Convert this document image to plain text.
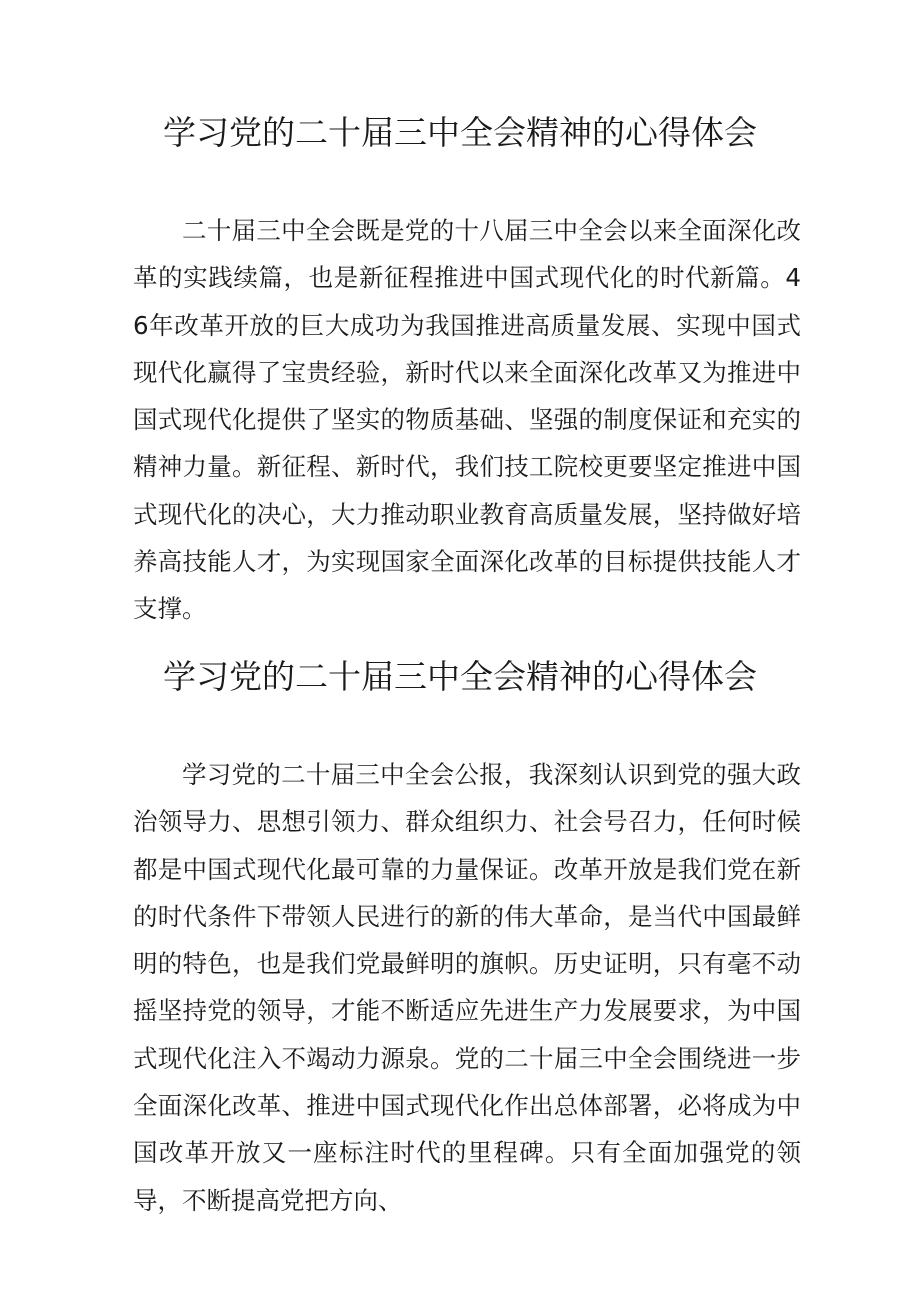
学习党的二十届三中全会精神的心得体会

二十届三中全会既是党的十八届三中全会以来全面深化改革的实践续篇，也是新征程推进中国式现代化的时代新篇。46年改革开放的巨大成功为我国推进高质量发展、实现中国式现代化赢得了宝贵经验，新时代以来全面深化改革又为推进中国式现代化提供了坚实的物质基础、坚强的制度保证和充实的精神力量。新征程、新时代，我们技工院校更要坚定推进中国式现代化的决心，大力推动职业教育高质量发展，坚持做好培养高技能人才，为实现国家全面深化改革的目标提供技能人才支撑。

学习党的二十届三中全会精神的心得体会

学习党的二十届三中全会公报，我深刻认识到党的强大政治领导力、思想引领力、群众组织力、社会号召力，任何时候都是中国式现代化最可靠的力量保证。改革开放是我们党在新的时代条件下带领人民进行的新的伟大革命，是当代中国最鲜明的特色，也是我们党最鲜明的旗帜。历史证明，只有毫不动摇坚持党的领导，才能不断适应先进生产力发展要求，为中国式现代化注入不竭动力源泉。党的二十届三中全会围绕进一步全面深化改革、推进中国式现代化作出总体部署，必将成为中国改革开放又一座标注时代的里程碑。只有全面加强党的领导，不断提高党把方向、
